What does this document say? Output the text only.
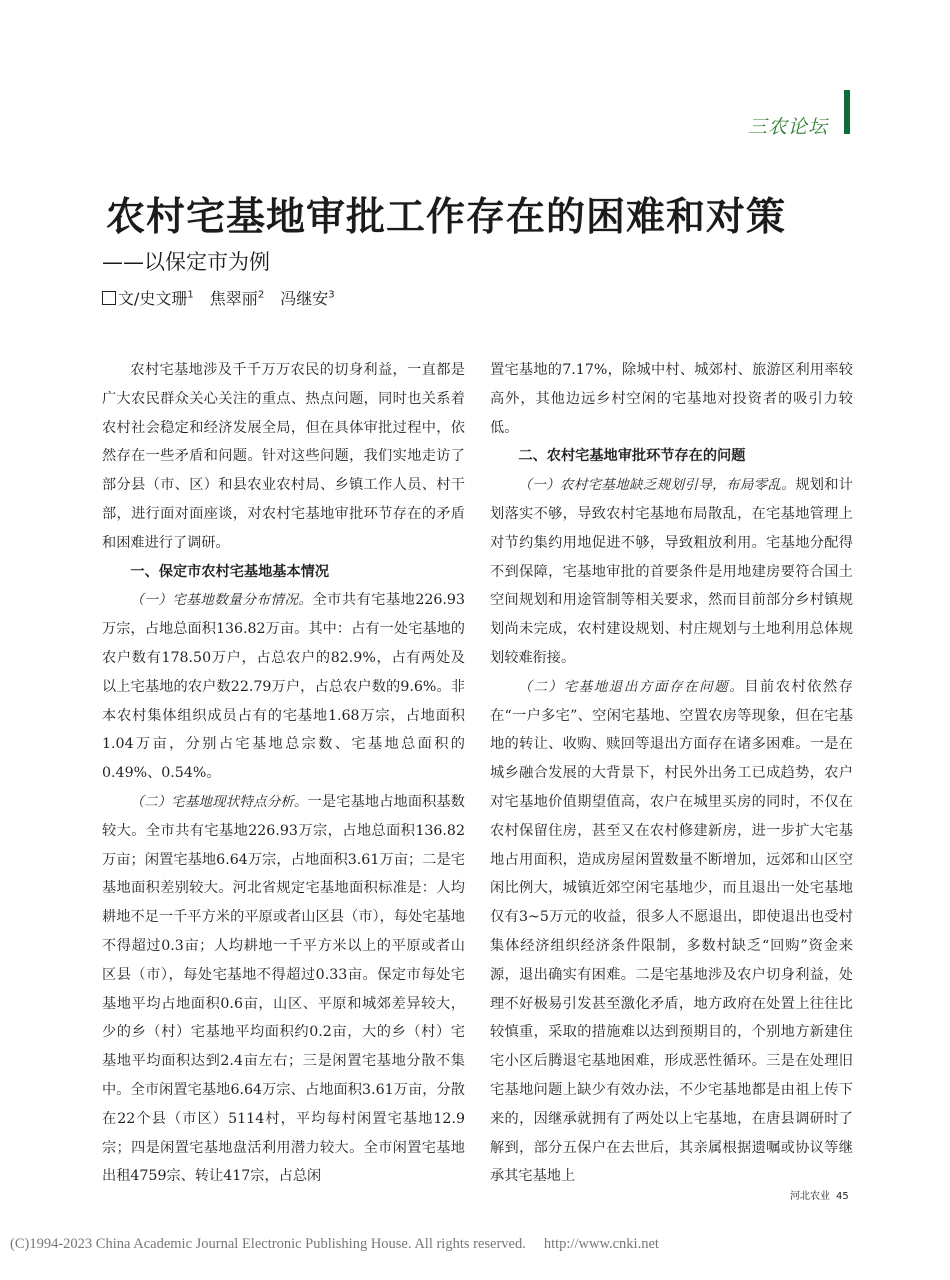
三农论坛
农村宅基地审批工作存在的困难和对策
——以保定市为例
文/史文珊$^1$ 焦翠丽$^2$ 冯继安$^3$

农村宅基地涉及千千万万农民的切身利益，一直都是广大农民群众关心关注的重点、热点问题，同时也关系着农村社会稳定和经济发展全局，但在具体审批过程中，依然存在一些矛盾和问题。针对这些问题，我们实地走访了部分县（市、区）和县农业农村局、乡镇工作人员、村干部，进行面对面座谈，对农村宅基地审批环节存在的矛盾和困难进行了调研。

一、保定市农村宅基地基本情况

（一）宅基地数量分布情况。全市共有宅基地226.93万宗，占地总面积136.82万亩。其中：占有一处宅基地的农户数有178.50万户，占总农户的82.9%，占有两处及以上宅基地的农户数22.79万户，占总农户数的9.6%。非本农村集体组织成员占有的宅基地1.68万宗，占地面积1.04万亩，分别占宅基地总宗数、宅基地总面积的0.49%、0.54%。

（二）宅基地现状特点分析。一是宅基地占地面积基数较大。全市共有宅基地226.93万宗，占地总面积136.82万亩；闲置宅基地6.64万宗，占地面积3.61万亩；二是宅基地面积差别较大。河北省规定宅基地面积标准是：人均耕地不足一千平方米的平原或者山区县（市），每处宅基地不得超过0.3亩；人均耕地一千平方米以上的平原或者山区县（市），每处宅基地不得超过0.33亩。保定市每处宅基地平均占地面积0.6亩，山区、平原和城郊差异较大，少的乡（村）宅基地平均面积约0.2亩，大的乡（村）宅基地平均面积达到2.4亩左右；三是闲置宅基地分散不集中。全市闲置宅基地6.64万宗、占地面积3.61万亩，分散在22个县（市区）5114村，平均每村闲置宅基地12.9宗；四是闲置宅基地盘活利用潜力较大。全市闲置宅基地出租4759宗、转让417宗，占总闲

置宅基地的7.17%，除城中村、城郊村、旅游区利用率较高外，其他边远乡村空闲的宅基地对投资者的吸引力较低。

二、农村宅基地审批环节存在的问题

（一）农村宅基地缺乏规划引导，布局零乱。规划和计划落实不够，导致农村宅基地布局散乱，在宅基地管理上对节约集约用地促进不够，导致粗放利用。宅基地分配得不到保障，宅基地审批的首要条件是用地建房要符合国土空间规划和用途管制等相关要求，然而目前部分乡村镇规划尚未完成，农村建设规划、村庄规划与土地利用总体规划较难衔接。

（二）宅基地退出方面存在问题。目前农村依然存在“一户多宅”、空闲宅基地、空置农房等现象，但在宅基地的转让、收购、赎回等退出方面存在诸多困难。一是在城乡融合发展的大背景下，村民外出务工已成趋势，农户对宅基地价值期望值高，农户在城里买房的同时，不仅在农村保留住房，甚至又在农村修建新房，进一步扩大宅基地占用面积，造成房屋闲置数量不断增加，远郊和山区空闲比例大，城镇近郊空闲宅基地少，而且退出一处宅基地仅有3~5万元的收益，很多人不愿退出，即使退出也受村集体经济组织经济条件限制，多数村缺乏“回购”资金来源，退出确实有困难。二是宅基地涉及农户切身利益，处理不好极易引发甚至激化矛盾，地方政府在处置上往往比较慎重，采取的措施难以达到预期目的，个别地方新建住宅小区后腾退宅基地困难，形成恶性循环。三是在处理旧宅基地问题上缺少有效办法，不少宅基地都是由祖上传下来的，因继承就拥有了两处以上宅基地，在唐县调研时了解到，部分五保户在去世后，其亲属根据遗嘱或协议等继承其宅基地上

河北农业 45
(C)1994-2023 China Academic Journal Electronic Publishing House. All rights reserved. http://www.cnki.net
